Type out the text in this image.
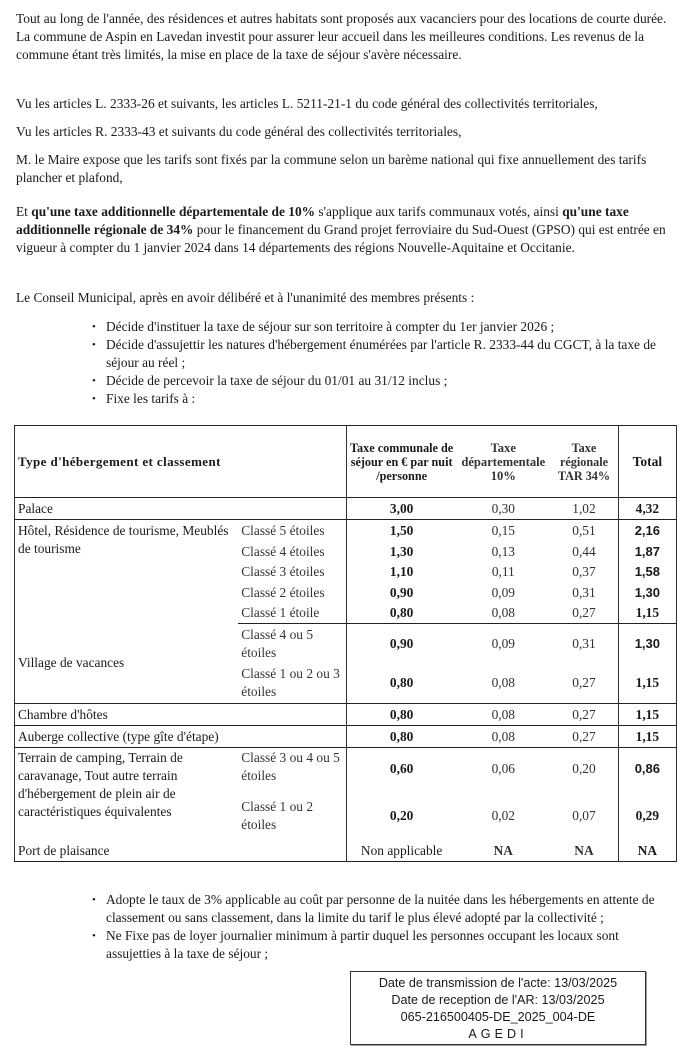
Tout au long de l'année, des résidences et autres habitats sont proposés aux vacanciers pour des locations de courte durée. La commune de Aspin en Lavedan investit pour assurer leur accueil dans les meilleures conditions. Les revenus de la commune étant très limités, la mise en place de la taxe de séjour s'avère nécessaire.

Vu les articles L. 2333-26 et suivants, les articles L. 5211-21-1 du code général des collectivités territoriales,

Vu les articles R. 2333-43 et suivants du code général des collectivités territoriales,

M. le Maire expose que les tarifs sont fixés par la commune selon un barème national qui fixe annuellement des tarifs plancher et plafond,

Et qu'une taxe additionnelle départementale de 10% s'applique aux tarifs communaux votés, ainsi qu'une taxe additionnelle régionale de 34% pour le financement du Grand projet ferroviaire du Sud-Ouest (GPSO) qui est entrée en vigueur à compter du 1 janvier 2024 dans 14 départements des régions Nouvelle-Aquitaine et Occitanie.

Le Conseil Municipal, après en avoir délibéré et à l'unanimité des membres présents :

• Décide d'instituer la taxe de séjour sur son territoire à compter du 1er janvier 2026 ;
• Décide d'assujettir les natures d'hébergement énumérées par l'article R. 2333-44 du CGCT, à la taxe de séjour au réel ;
• Décide de percevoir la taxe de séjour du 01/01 au 31/12 inclus ;
• Fixe les tarifs à :
Type d'hébergement et classement		Taxe communale de séjour en € par nuit /personne	Taxe départementale 10%	Taxe régionale TAR 34%	Total
Palace		3,00	0,30	1,02	4,32
Hôtel, Résidence de tourisme, Meublés de tourisme	Classé 5 étoiles	1,50	0,15	0,51	2,16
	Classé 4 étoiles	1,30	0,13	0,44	1,87
	Classé 3 étoiles	1,10	0,11	0,37	1,58
	Classé 2 étoiles	0,90	0,09	0,31	1,30
	Classé 1 étoile	0,80	0,08	0,27	1,15
Village de vacances	Classé 4 ou 5 étoiles	0,90	0,09	0,31	1,30
	Classé 1 ou 2 ou 3 étoiles	0,80	0,08	0,27	1,15
Chambre d'hôtes		0,80	0,08	0,27	1,15
Auberge collective (type gîte d'étape)		0,80	0,08	0,27	1,15
Terrain de camping, Terrain de caravanage, Tout autre terrain d'hébergement de plein air de caractéristiques équivalentes	Classé 3 ou 4 ou 5 étoiles	0,60	0,06	0,20	0,86
	Classé 1 ou 2 étoiles	0,20	0,02	0,07	0,29
Port de plaisance		Non applicable	NA	NA	NA
• Adopte le taux de 3% applicable au coût par personne de la nuitée dans les hébergements en attente de classement ou sans classement, dans la limite du tarif le plus élevé adopté par la collectivité ;
• Ne Fixe pas de loyer journalier minimum à partir duquel les personnes occupant les locaux sont assujetties à la taxe de séjour ;
Date de transmission de l'acte: 13/03/2025
Date de reception de l'AR: 13/03/2025
065-216500405-DE_2025_004-DE
AGEDI
